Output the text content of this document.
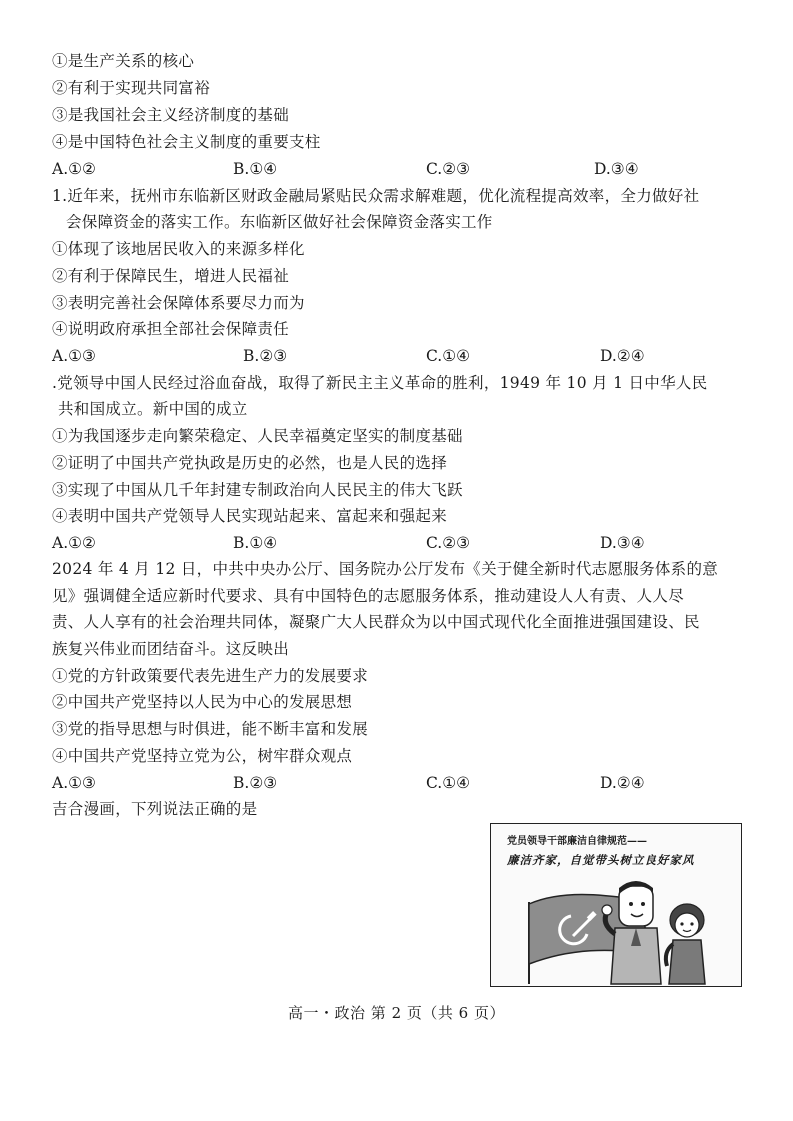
①是生产关系的核心
②有利于实现共同富裕
③是我国社会主义经济制度的基础
④是中国特色社会主义制度的重要支柱
A.①②	B.①④	C.②③	D.③④
1.近年来，抚州市东临新区财政金融局紧贴民众需求解难题，优化流程提高效率，全力做好社
会保障资金的落实工作。东临新区做好社会保障资金落实工作
①体现了该地居民收入的来源多样化
②有利于保障民生，增进人民福祉
③表明完善社会保障体系要尽力而为
④说明政府承担全部社会保障责任
A.①③	B.②③	C.①④	D.②④
.党领导中国人民经过浴血奋战，取得了新民主主义革命的胜利，1949 年 10 月 1 日中华人民
共和国成立。新中国的成立
①为我国逐步走向繁荣稳定、人民幸福奠定坚实的制度基础
②证明了中国共产党执政是历史的必然，也是人民的选择
③实现了中国从几千年封建专制政治向人民民主的伟大飞跃
④表明中国共产党领导人民实现站起来、富起来和强起来
A.①②	B.①④	C.②③	D.③④
2024 年 4 月 12 日，中共中央办公厅、国务院办公厅发布《关于健全新时代志愿服务体系的意
见》强调健全适应新时代要求、具有中国特色的志愿服务体系，推动建设人人有责、人人尽
责、人人享有的社会治理共同体，凝聚广大人民群众为以中国式现代化全面推进强国建设、民
族复兴伟业而团结奋斗。这反映出
①党的方针政策要代表先进生产力的发展要求
②中国共产党坚持以人民为中心的发展思想
③党的指导思想与时俱进，能不断丰富和发展
④中国共产党坚持立党为公，树牢群众观点
A.①③	B.②③	C.①④	D.②④
吉合漫画，下列说法正确的是
党员领导干部廉洁自律规范——
廉洁齐家，自觉带头树立良好家风
高一・政治 第 2 页（共 6 页）
